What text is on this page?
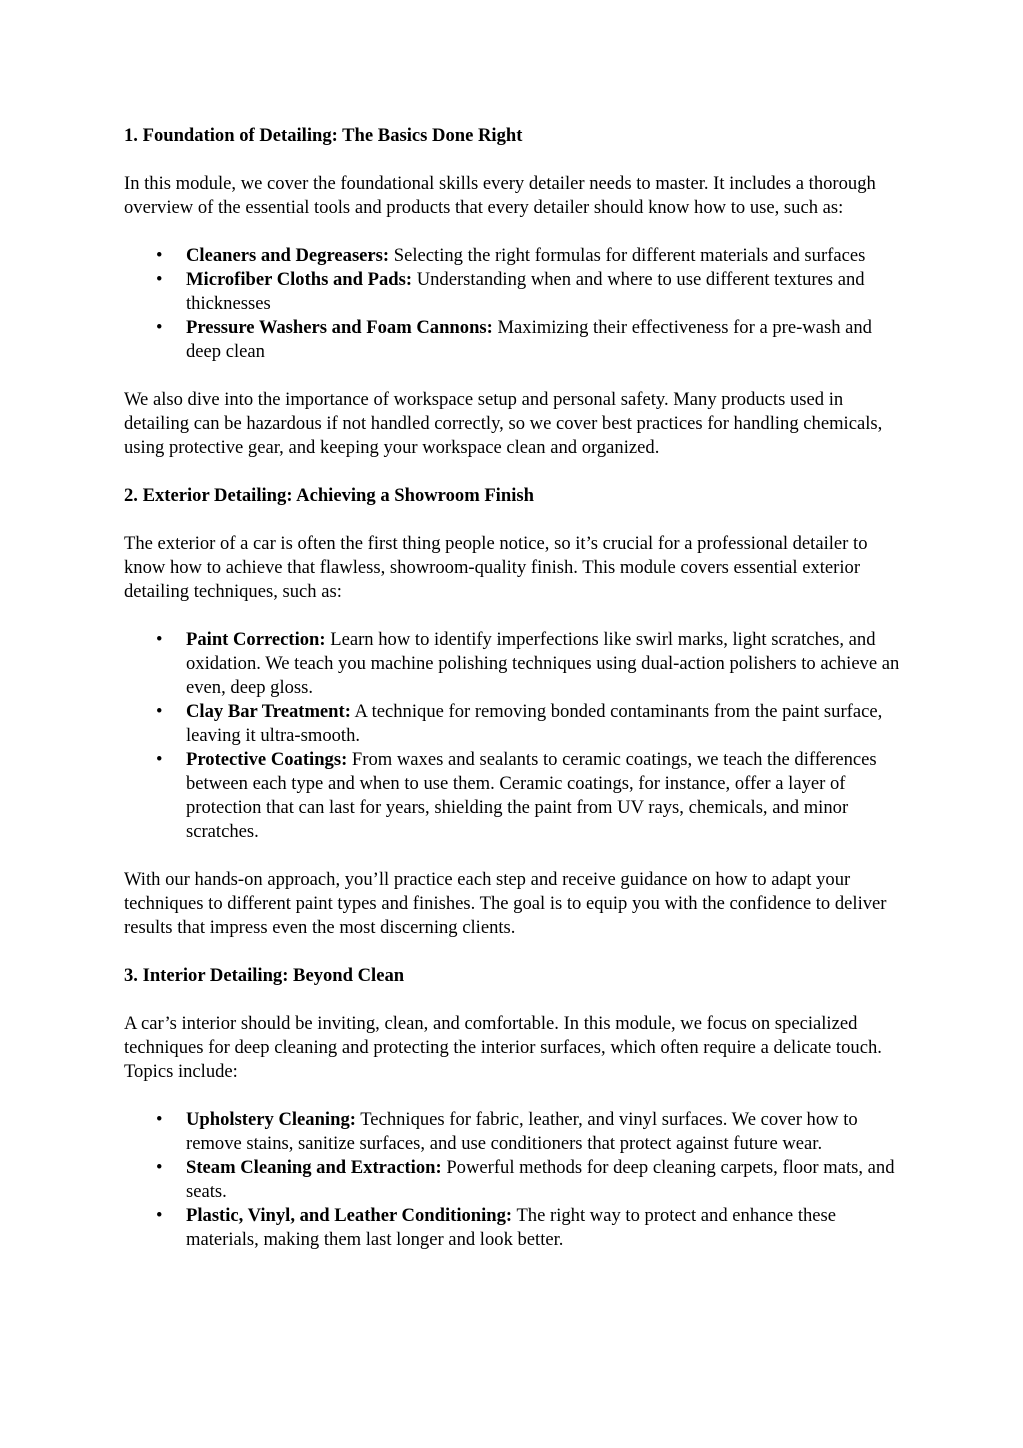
1. Foundation of Detailing: The Basics Done Right

In this module, we cover the foundational skills every detailer needs to master. It includes a thorough overview of the essential tools and products that every detailer should know how to use, such as:

• Cleaners and Degreasers: Selecting the right formulas for different materials and surfaces
• Microfiber Cloths and Pads: Understanding when and where to use different textures and thicknesses
• Pressure Washers and Foam Cannons: Maximizing their effectiveness for a pre-wash and deep clean

We also dive into the importance of workspace setup and personal safety. Many products used in detailing can be hazardous if not handled correctly, so we cover best practices for handling chemicals, using protective gear, and keeping your workspace clean and organized.

2. Exterior Detailing: Achieving a Showroom Finish

The exterior of a car is often the first thing people notice, so it’s crucial for a professional detailer to know how to achieve that flawless, showroom-quality finish. This module covers essential exterior detailing techniques, such as:

• Paint Correction: Learn how to identify imperfections like swirl marks, light scratches, and oxidation. We teach you machine polishing techniques using dual-action polishers to achieve an even, deep gloss.
• Clay Bar Treatment: A technique for removing bonded contaminants from the paint surface, leaving it ultra-smooth.
• Protective Coatings: From waxes and sealants to ceramic coatings, we teach the differences between each type and when to use them. Ceramic coatings, for instance, offer a layer of protection that can last for years, shielding the paint from UV rays, chemicals, and minor scratches.

With our hands-on approach, you’ll practice each step and receive guidance on how to adapt your techniques to different paint types and finishes. The goal is to equip you with the confidence to deliver results that impress even the most discerning clients.

3. Interior Detailing: Beyond Clean

A car’s interior should be inviting, clean, and comfortable. In this module, we focus on specialized techniques for deep cleaning and protecting the interior surfaces, which often require a delicate touch. Topics include:

• Upholstery Cleaning: Techniques for fabric, leather, and vinyl surfaces. We cover how to remove stains, sanitize surfaces, and use conditioners that protect against future wear.
• Steam Cleaning and Extraction: Powerful methods for deep cleaning carpets, floor mats, and seats.
• Plastic, Vinyl, and Leather Conditioning: The right way to protect and enhance these materials, making them last longer and look better.
